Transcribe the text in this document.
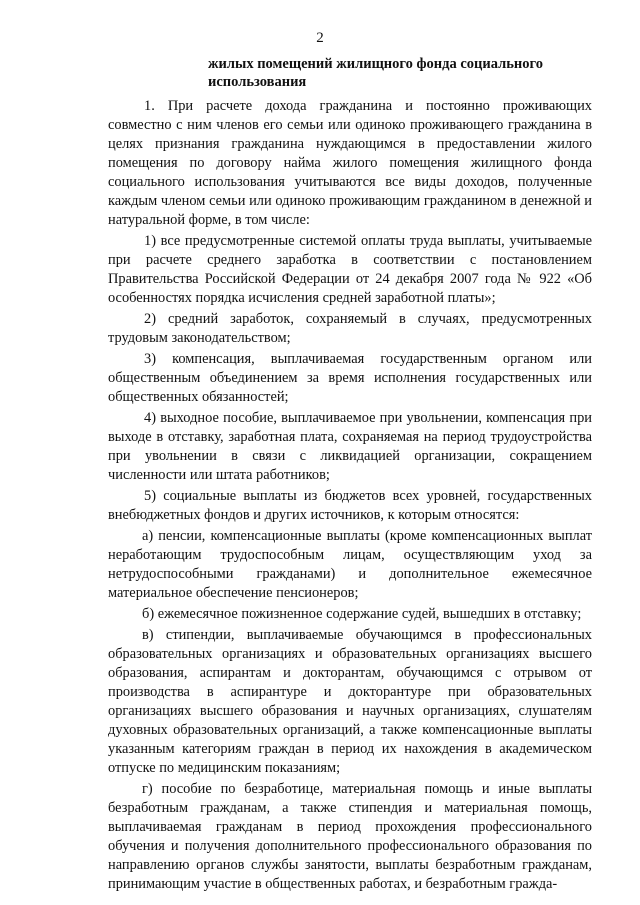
2
жилых помещений жилищного фонда социального использования

1. При расчете дохода гражданина и постоянно проживающих совместно с ним членов его семьи или одиноко проживающего гражданина в целях признания гражданина нуждающимся в предоставлении жилого помещения по договору найма жилого помещения жилищного фонда социального использования учитываются все виды доходов, полученные каждым членом семьи или одиноко проживающим гражданином в денежной и натуральной форме, в том числе:

1) все предусмотренные системой оплаты труда выплаты, учитываемые при расчете среднего заработка в соответствии с постановлением Правительства Российской Федерации от 24 декабря 2007 года № 922 «Об особенностях порядка исчисления средней заработной платы»;

2) средний заработок, сохраняемый в случаях, предусмотренных трудовым законодательством;

3) компенсация, выплачиваемая государственным органом или общественным объединением за время исполнения государственных или общественных обязанностей;

4) выходное пособие, выплачиваемое при увольнении, компенсация при выходе в отставку, заработная плата, сохраняемая на период трудоустройства при увольнении в связи с ликвидацией организации, сокращением численности или штата работников;

5) социальные выплаты из бюджетов всех уровней, государственных внебюджетных фондов и других источников, к которым относятся:

а) пенсии, компенсационные выплаты (кроме компенсационных выплат неработающим трудоспособным лицам, осуществляющим уход за нетрудоспособными гражданами) и дополнительное ежемесячное материальное обеспечение пенсионеров;

б) ежемесячное пожизненное содержание судей, вышедших в отставку;

в) стипендии, выплачиваемые обучающимся в профессиональных образовательных организациях и образовательных организациях высшего образования, аспирантам и докторантам, обучающимся с отрывом от производства в аспирантуре и докторантуре при образовательных организациях высшего образования и научных организациях, слушателям духовных образовательных организаций, а также компенсационные выплаты указанным категориям граждан в период их нахождения в академическом отпуске по медицинским показаниям;

г) пособие по безработице, материальная помощь и иные выплаты безработным гражданам, а также стипендия и материальная помощь, выплачиваемая гражданам в период прохождения профессионального обучения и получения дополнительного профессионального образования по направлению органов службы занятости, выплаты безработным гражданам, принимающим участие в общественных работах, и безработным гражда-
